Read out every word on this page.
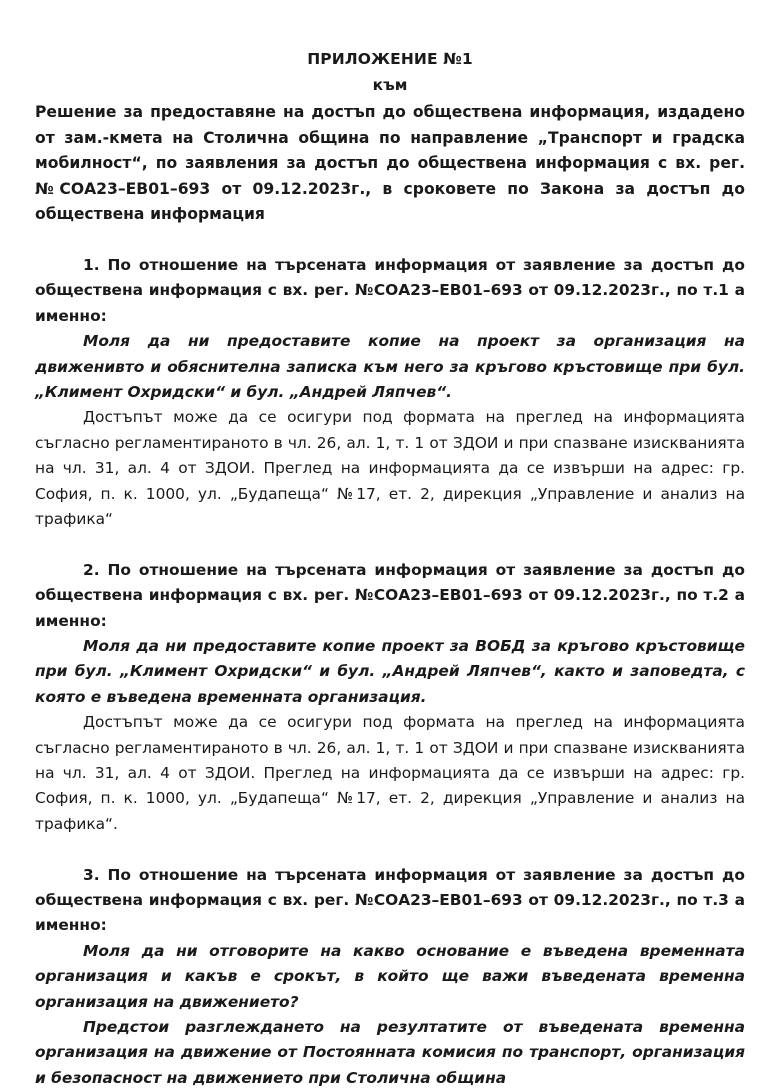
ПРИЛОЖЕНИЕ №1
към

Решение за предоставяне на достъп до обществена информация, издадено от зам.-кмета на Столична община по направление „Транспорт и градска мобилност“, по заявления за достъп до обществена информация с вх. рег. №СОА23–ЕВ01–693 от 09.12.2023г., в сроковете по Закона за достъп до обществена информация

1. По отношение на търсената информация от заявление за достъп до обществена информация с вх. рег. №СОА23–ЕВ01–693 от 09.12.2023г., по т.1 а именно:

Моля да ни предоставите копие на проект за организация на движенивто и обяснителна записка към него за кръгово кръстовище при бул. „Климент Охридски“ и бул. „Андрей Ляпчев“.

Достъпът може да се осигури под формата на преглед на информацията съгласно регламентираното в чл. 26, ал. 1, т. 1 от ЗДОИ и при спазване изискванията на чл. 31, ал. 4 от ЗДОИ. Преглед на информацията да се извърши на адрес: гр. София, п. к. 1000, ул. „Будапеща“ №17, ет. 2, дирекция „Управление и анализ на трафика“

2. По отношение на търсената информация от заявление за достъп до обществена информация с вх. рег. №СОА23–ЕВ01–693 от 09.12.2023г., по т.2 а именно:

Моля да ни предоставите копие проект за ВОБД за кръгово кръстовище при бул. „Климент Охридски“ и бул. „Андрей Ляпчев“, както и заповедта, с която е въведена временната организация.

Достъпът може да се осигури под формата на преглед на информацията съгласно регламентираното в чл. 26, ал. 1, т. 1 от ЗДОИ и при спазване изискванията на чл. 31, ал. 4 от ЗДОИ. Преглед на информацията да се извърши на адрес: гр. София, п. к. 1000, ул. „Будапеща“ №17, ет. 2, дирекция „Управление и анализ на трафика“.

3. По отношение на търсената информация от заявление за достъп до обществена информация с вх. рег. №СОА23–ЕВ01–693 от 09.12.2023г., по т.3 а именно:

Моля да ни отговорите на какво основание е въведена временната организация и какъв е срокът, в който ще важи въведената временна организация на движението?

Предстои разглеждането на резултатите от въведената временна организация на движение от Постоянната комисия по транспорт, организация и безопасност на движението при Столична община
